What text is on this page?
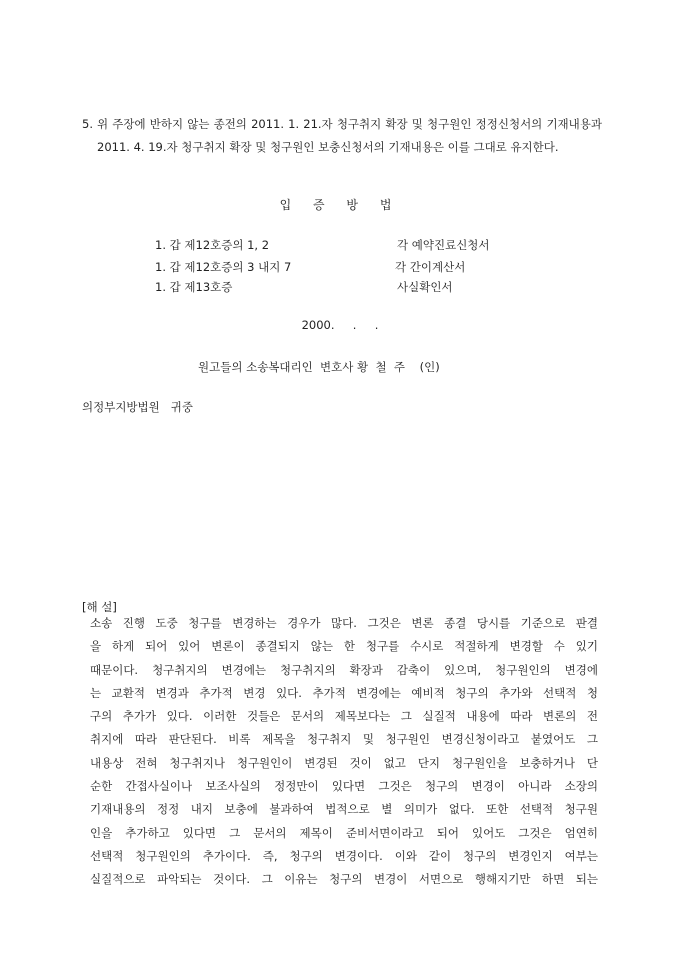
5. 위 주장에 반하지 않는 종전의 2011. 1. 21.자 청구취지 확장 및 청구원인 정정신청서의 기재내용과 2011. 4. 19.자 청구취지 확장 및 청구원인 보충신청서의 기재내용은 이를 그대로 유지한다.
입 증 방 법
1. 갑 제12호증의 1, 2	각 예약진료신청서
1. 갑 제12호증의 3 내지 7	각 간이계산서
1. 갑 제13호증	사실확인서
2000.     .     .
원고들의 소송복대리인  변호사 황  철  주    (인)
의정부지방법원   귀중
[해 설]
소송 진행 도중 청구를 변경하는 경우가 많다. 그것은 변론 종결 당시를 기준으로 판결
을 하게 되어 있어 변론이 종결되지 않는 한 청구를 수시로 적절하게 변경할 수 있기
때문이다. 청구취지의 변경에는 청구취지의 확장과 감축이 있으며, 청구원인의 변경에
는 교환적 변경과 추가적 변경 있다. 추가적 변경에는 예비적 청구의 추가와 선택적 청
구의 추가가 있다. 이러한 것들은 문서의 제목보다는 그 실질적 내용에 따라 변론의 전
취지에 따라 판단된다. 비록 제목을 청구취지 및 청구원인 변경신청이라고 붙였어도 그
내용상 전혀 청구취지나 청구원인이 변경된 것이 없고 단지 청구원인을 보충하거나 단
순한 간접사실이나 보조사실의 정정만이 있다면 그것은 청구의 변경이 아니라 소장의
기재내용의 정정 내지 보충에 불과하여 법적으로 별 의미가 없다. 또한 선택적 청구원
인을 추가하고 있다면 그 문서의 제목이 준비서면이라고 되어 있어도 그것은 엄연히
선택적 청구원인의 추가이다. 즉, 청구의 변경이다. 이와 같이 청구의 변경인지 여부는
실질적으로 파악되는 것이다. 그 이유는 청구의 변경이 서면으로 행해지기만 하면 되는
